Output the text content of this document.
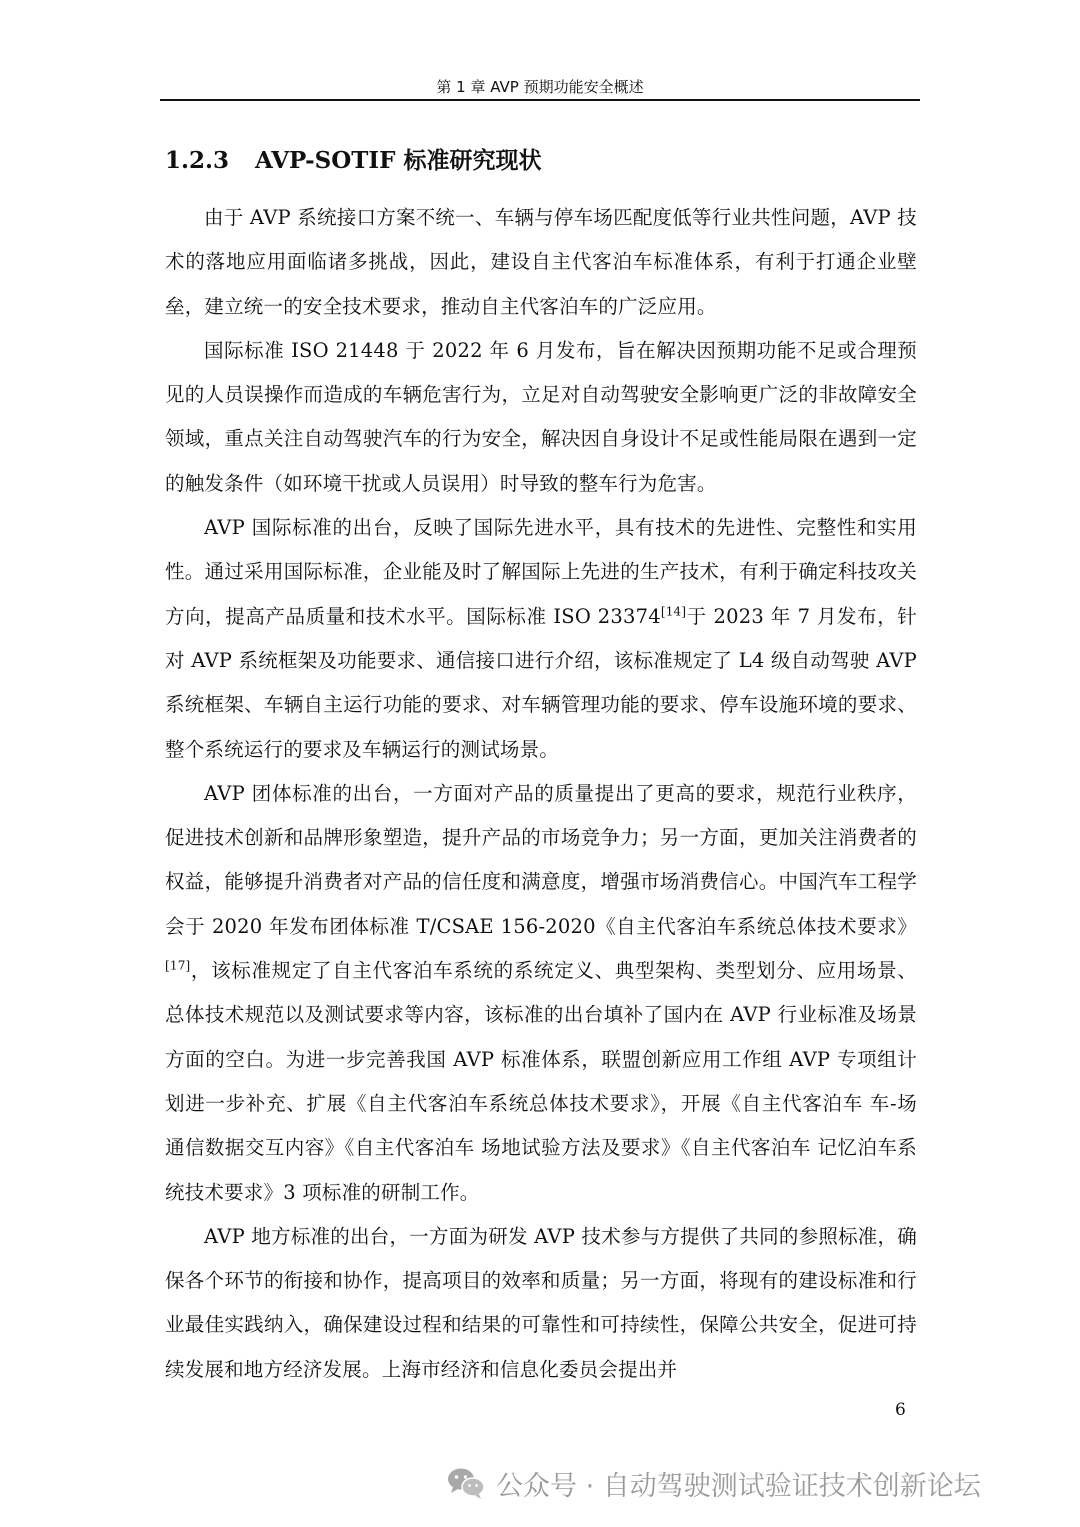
第 1 章 AVP 预期功能安全概述
1.2.3 AVP-SOTIF 标准研究现状

由于 AVP 系统接口方案不统一、车辆与停车场匹配度低等行业共性问题，AVP 技术的落地应用面临诸多挑战，因此，建设自主代客泊车标准体系，有利于打通企业壁垒，建立统一的安全技术要求，推动自主代客泊车的广泛应用。

国际标准 ISO 21448 于 2022 年 6 月发布，旨在解决因预期功能不足或合理预见的人员误操作而造成的车辆危害行为，立足对自动驾驶安全影响更广泛的非故障安全领域，重点关注自动驾驶汽车的行为安全，解决因自身设计不足或性能局限在遇到一定的触发条件（如环境干扰或人员误用）时导致的整车行为危害。

AVP 国际标准的出台，反映了国际先进水平，具有技术的先进性、完整性和实用性。通过采用国际标准，企业能及时了解国际上先进的生产技术，有利于确定科技攻关方向，提高产品质量和技术水平。国际标准 ISO 23374[14]于 2023 年 7 月发布，针对 AVP 系统框架及功能要求、通信接口进行介绍，该标准规定了 L4 级自动驾驶 AVP 系统框架、车辆自主运行功能的要求、对车辆管理功能的要求、停车设施环境的要求、整个系统运行的要求及车辆运行的测试场景。

AVP 团体标准的出台，一方面对产品的质量提出了更高的要求，规范行业秩序，促进技术创新和品牌形象塑造，提升产品的市场竞争力；另一方面，更加关注消费者的权益，能够提升消费者对产品的信任度和满意度，增强市场消费信心。中国汽车工程学会于 2020 年发布团体标准 T/CSAE 156-2020《自主代客泊车系统总体技术要求》[17]，该标准规定了自主代客泊车系统的系统定义、典型架构、类型划分、应用场景、总体技术规范以及测试要求等内容，该标准的出台填补了国内在 AVP 行业标准及场景方面的空白。为进一步完善我国 AVP 标准体系，联盟创新应用工作组 AVP 专项组计划进一步补充、扩展《自主代客泊车系统总体技术要求》，开展《自主代客泊车 车-场通信数据交互内容》《自主代客泊车 场地试验方法及要求》《自主代客泊车 记忆泊车系统技术要求》3 项标准的研制工作。

AVP 地方标准的出台，一方面为研发 AVP 技术参与方提供了共同的参照标准，确保各个环节的衔接和协作，提高项目的效率和质量；另一方面，将现有的建设标准和行业最佳实践纳入，确保建设过程和结果的可靠性和可持续性，保障公共安全，促进可持续发展和地方经济发展。上海市经济和信息化委员会提出并

6
公众号 · 自动驾驶测试验证技术创新论坛
